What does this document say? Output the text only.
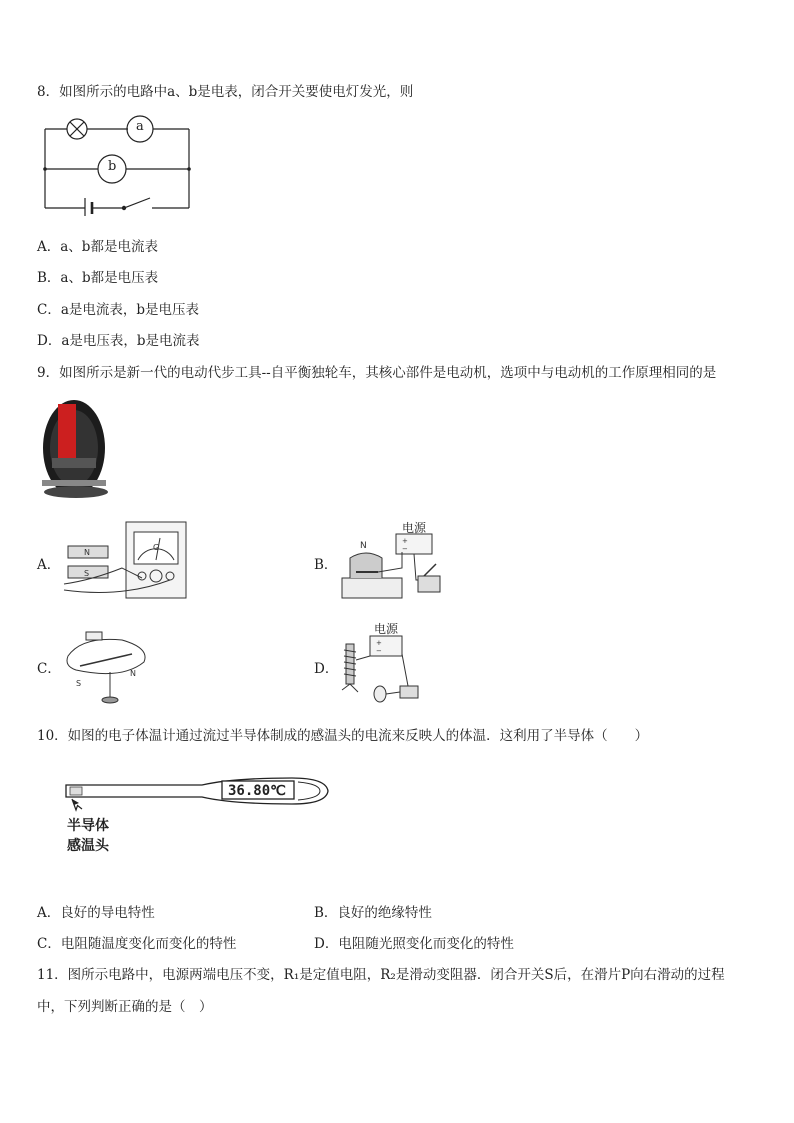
8．如图所示的电路中a、b是电表，闭合开关要使电灯发光，则
a
b
A．a、b都是电流表
B．a、b都是电压表
C．a是电流表，b是电压表
D．a是电压表，b是电流表
9．如图所示是新一代的电动代步工具--自平衡独轮车，其核心部件是电动机，选项中与电动机的工作原理相同的是
A．
G
N
S
B．
+
−
N
电源
C．
S
N	D．
+
−
电源
10．如图的电子体温计通过流过半导体制成的感温头的电流来反映人的体温．这利用了半导体（　　）
36.80℃
半导体
感温头
A．良好的导电特性	B．良好的绝缘特性
C．电阻随温度变化而变化的特性	D．电阻随光照变化而变化的特性
11．图所示电路中，电源两端电压不变，R₁是定值电阻，R₂是滑动变阻器．闭合开关S后，在滑片P向右滑动的过程
中，下列判断正确的是（　）
